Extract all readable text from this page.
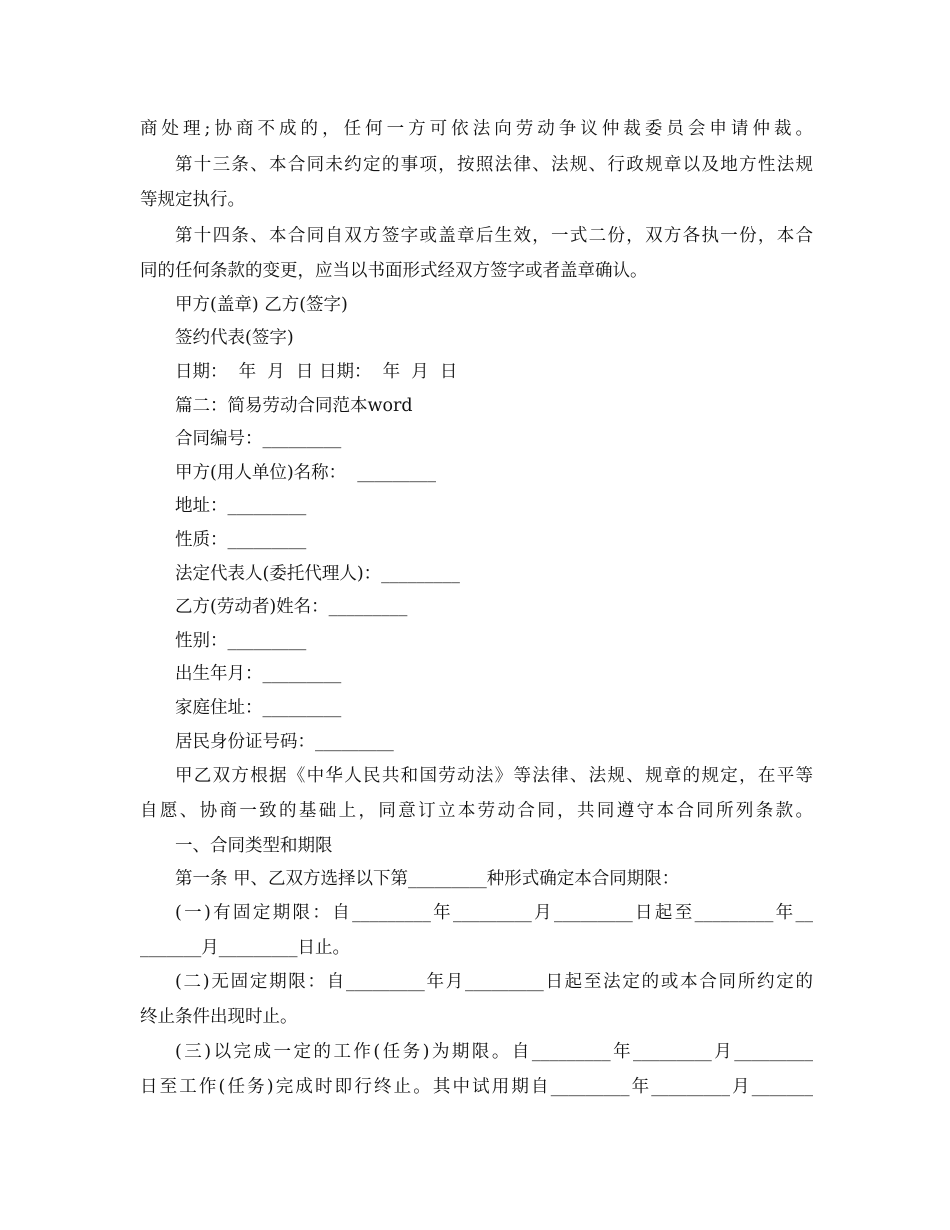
商处理;协商不成的，任何一方可依法向劳动争议仲裁委员会申请仲裁。
第十三条、本合同未约定的事项，按照法律、法规、行政规章以及地方性法规
等规定执行。
第十四条、本合同自双方签字或盖章后生效，一式二份，双方各执一份，本合
同的任何条款的变更，应当以书面形式经双方签字或者盖章确认。
甲方(盖章) 乙方(签字)
签约代表(签字)
日期：  年  月  日 日期：  年  月  日
篇二：简易劳动合同范本word
合同编号：_________
甲方(用人单位)名称：  _________
地址：_________
性质：_________
法定代表人(委托代理人)：_________
乙方(劳动者)姓名：_________
性别：_________
出生年月：_________
家庭住址：_________
居民身份证号码：_________
甲乙双方根据《中华人民共和国劳动法》等法律、法规、规章的规定，在平等
自愿、协商一致的基础上，同意订立本劳动合同，共同遵守本合同所列条款。
一、合同类型和期限
第一条 甲、乙双方选择以下第_________种形式确定本合同期限：
(一)有固定期限：自_________年_________月_________日起至_________年__
_______月_________日止。
(二)无固定期限：自_________年月_________日起至法定的或本合同所约定的
终止条件出现时止。
(三)以完成一定的工作(任务)为期限。自_________年_________月_________
日至工作(任务)完成时即行终止。其中试用期自_________年_________月_______
